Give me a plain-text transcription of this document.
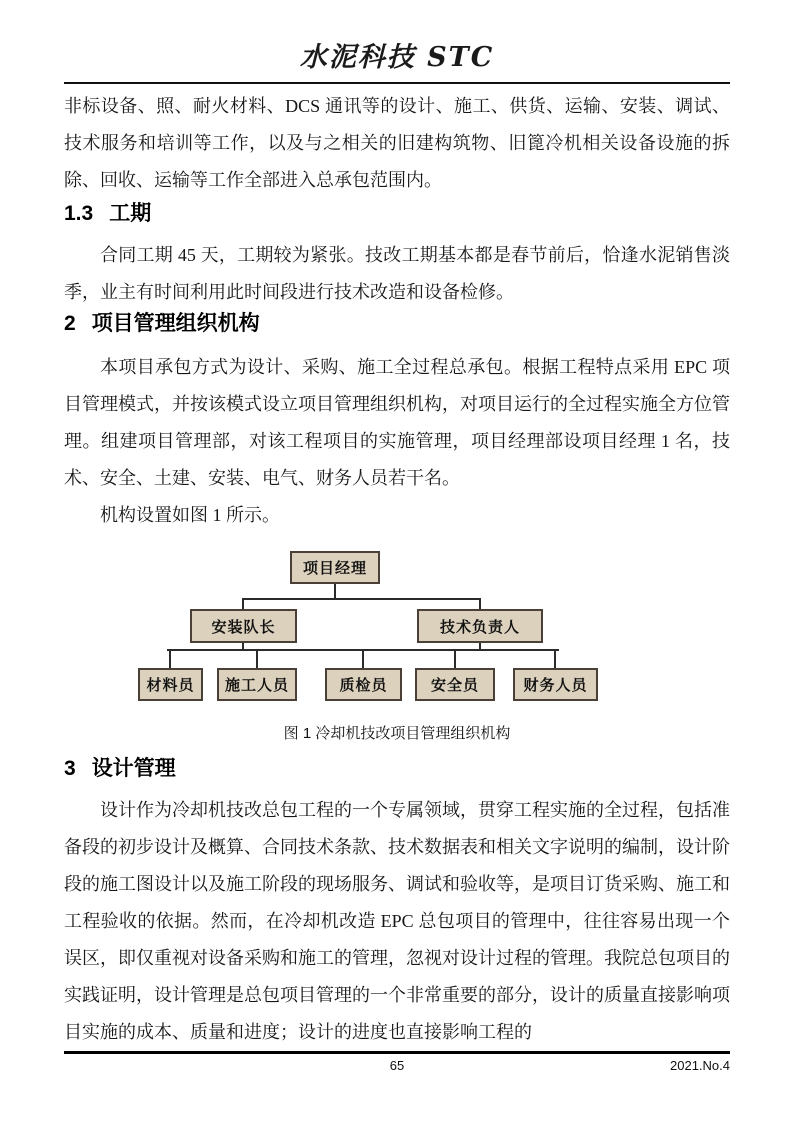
水泥科技 STC

非标设备、照、耐火材料、DCS 通讯等的设计、施工、供货、运输、安装、调试、技术服务和培训等工作，以及与之相关的旧建构筑物、旧篦冷机相关设备设施的拆除、回收、运输等工作全部进入总承包范围内。

1.3 工期

合同工期 45 天，工期较为紧张。技改工期基本都是春节前后，恰逢水泥销售淡季，业主有时间利用此时间段进行技术改造和设备检修。

2 项目管理组织机构

本项目承包方式为设计、采购、施工全过程总承包。根据工程特点采用 EPC 项目管理模式，并按该模式设立项目管理组织机构，对项目运行的全过程实施全方位管理。组建项目管理部，对该工程项目的实施管理，项目经理部设项目经理 1 名，技术、安全、土建、安装、电气、财务人员若干名。

机构设置如图 1 所示。

项目经理
安装队长	技术负责人
材料员	施工人员	质检员	安全员	财务人员
图 1 冷却机技改项目管理组织机构
3 设计管理

设计作为冷却机技改总包工程的一个专属领域，贯穿工程实施的全过程，包括准备段的初步设计及概算、合同技术条款、技术数据表和相关文字说明的编制，设计阶段的施工图设计以及施工阶段的现场服务、调试和验收等，是项目订货采购、施工和工程验收的依据。然而，在冷却机改造 EPC 总包项目的管理中，往往容易出现一个误区，即仅重视对设备采购和施工的管理，忽视对设计过程的管理。我院总包项目的实践证明，设计管理是总包项目管理的一个非常重要的部分，设计的质量直接影响项目实施的成本、质量和进度；设计的进度也直接影响工程的

65	2021.No.4
